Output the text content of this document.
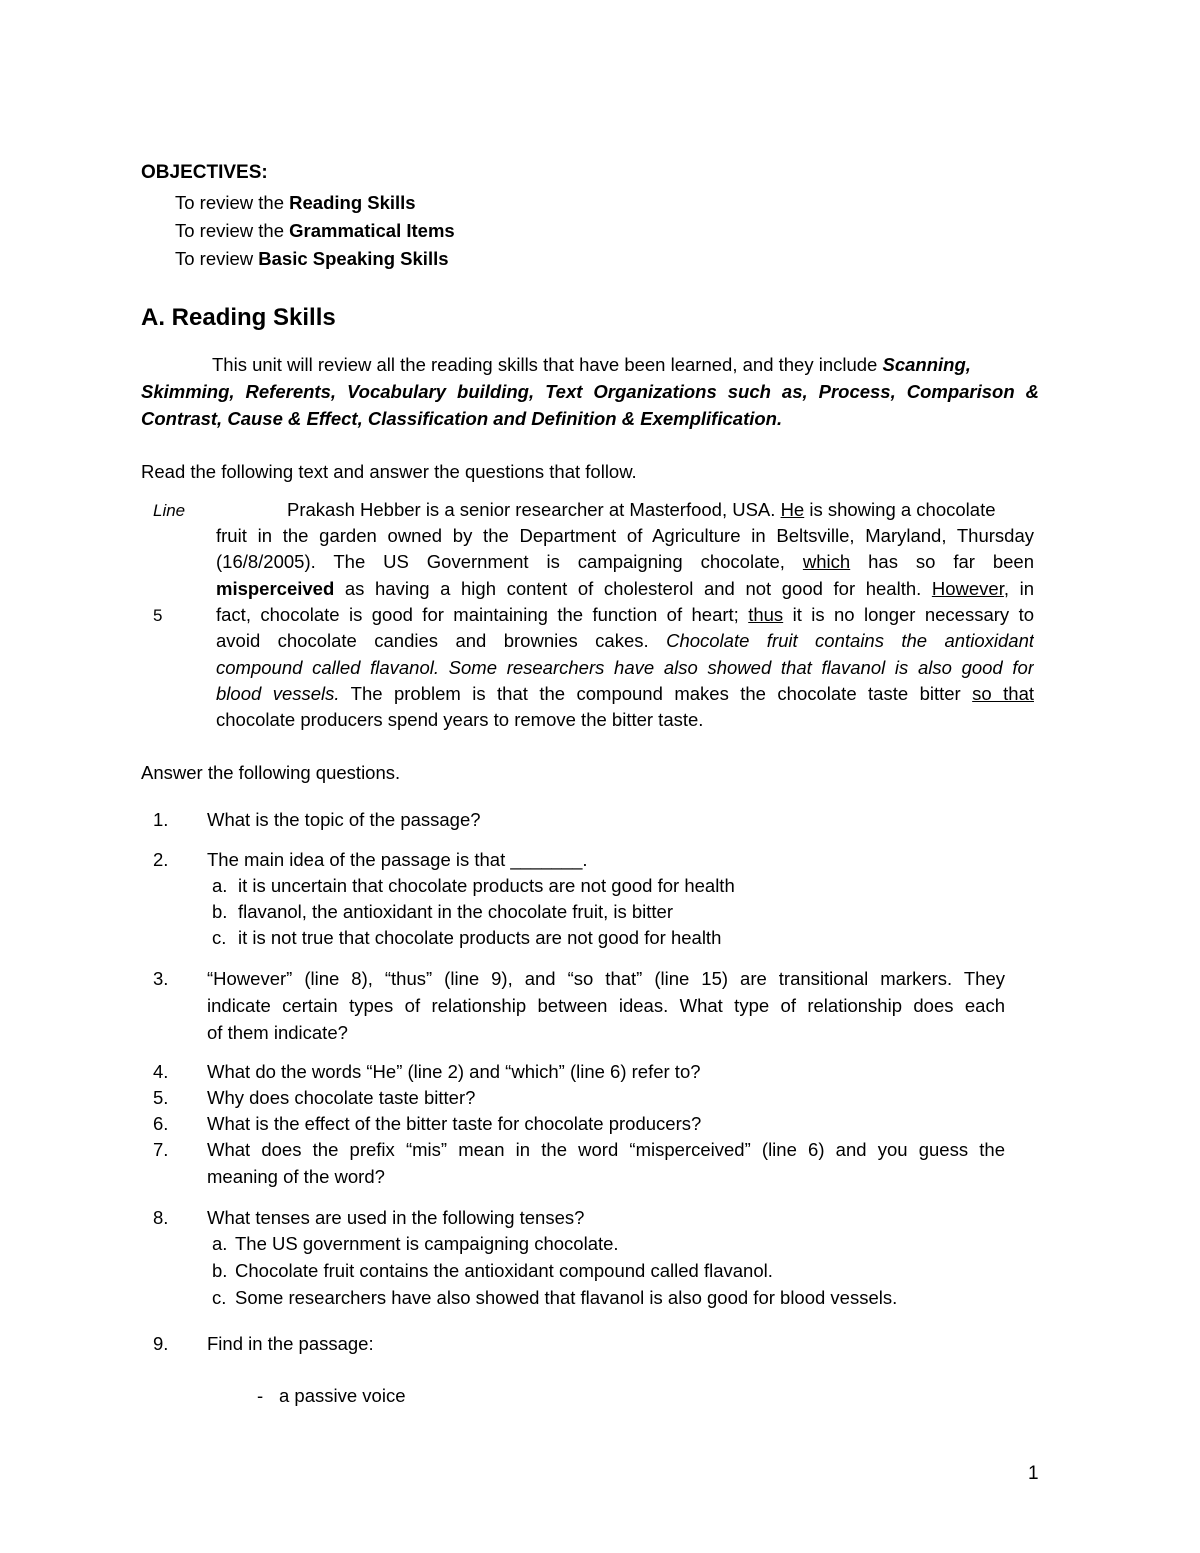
OBJECTIVES:
To review the Reading Skills
To review the Grammatical Items
To review Basic Speaking Skills
A. Reading Skills
This unit will review all the reading skills that have been learned, and they include Scanning,
Skimming, Referents, Vocabulary building, Text Organizations such as, Process, Comparison &
Contrast, Cause & Effect, Classification and Definition & Exemplification.
Read the following text and answer the questions that follow.
Line
5
Prakash Hebber is a senior researcher at Masterfood, USA. He is showing a chocolate
fruit in the garden owned by the Department of Agriculture in Beltsville, Maryland, Thursday
(16/8/2005). The US Government is campaigning chocolate, which has so far been
misperceived as having a high content of cholesterol and not good for health. However, in
fact, chocolate is good for maintaining the function of heart; thus it is no longer necessary to
avoid chocolate candies and brownies cakes. Chocolate fruit contains the antioxidant
compound called flavanol. Some researchers have also showed that flavanol is also good for
blood vessels. The problem is that the compound makes the chocolate taste bitter so that
chocolate producers spend years to remove the bitter taste.
Answer the following questions.
1. What is the topic of the passage?
2. The main idea of the passage is that _______.
a. it is uncertain that chocolate products are not good for health
b. flavanol, the antioxidant in the chocolate fruit, is bitter
c. it is not true that chocolate products are not good for health
3. “However” (line 8), “thus” (line 9), and “so that” (line 15) are transitional markers. They
indicate certain types of relationship between ideas. What type of relationship does each
of them indicate?
4. What do the words “He” (line 2) and “which” (line 6) refer to?
5. Why does chocolate taste bitter?
6. What is the effect of the bitter taste for chocolate producers?
7. What does the prefix “mis” mean in the word “misperceived” (line 6) and you guess the
meaning of the word?
8. What tenses are used in the following tenses?
a. The US government is campaigning chocolate.
b. Chocolate fruit contains the antioxidant compound called flavanol.
c. Some researchers have also showed that flavanol is also good for blood vessels.
9. Find in the passage:
- a passive voice
1
